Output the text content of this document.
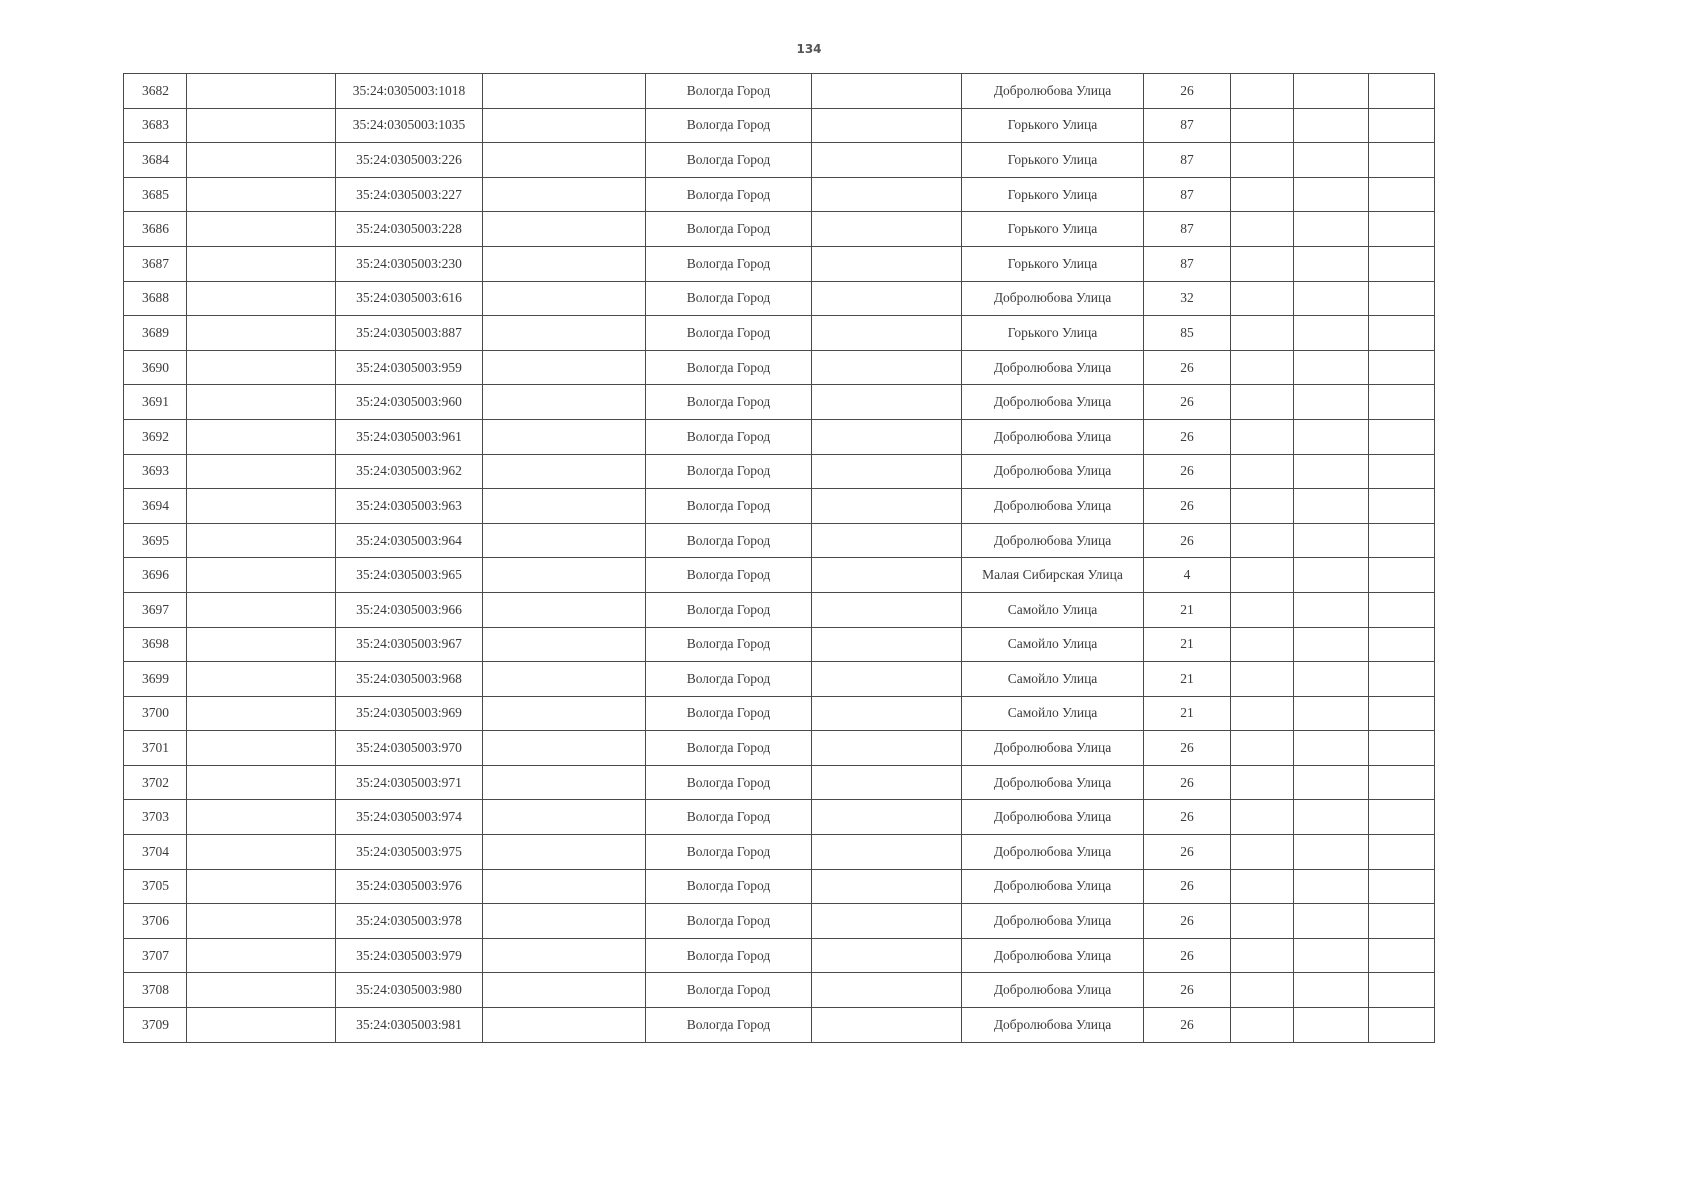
134
3682		35:24:0305003:1018		Вологда Город		Добролюбова Улица	26			
3683		35:24:0305003:1035		Вологда Город		Горького Улица	87			
3684		35:24:0305003:226		Вологда Город		Горького Улица	87			
3685		35:24:0305003:227		Вологда Город		Горького Улица	87			
3686		35:24:0305003:228		Вологда Город		Горького Улица	87			
3687		35:24:0305003:230		Вологда Город		Горького Улица	87			
3688		35:24:0305003:616		Вологда Город		Добролюбова Улица	32			
3689		35:24:0305003:887		Вологда Город		Горького Улица	85			
3690		35:24:0305003:959		Вологда Город		Добролюбова Улица	26			
3691		35:24:0305003:960		Вологда Город		Добролюбова Улица	26			
3692		35:24:0305003:961		Вологда Город		Добролюбова Улица	26			
3693		35:24:0305003:962		Вологда Город		Добролюбова Улица	26			
3694		35:24:0305003:963		Вологда Город		Добролюбова Улица	26			
3695		35:24:0305003:964		Вологда Город		Добролюбова Улица	26			
3696		35:24:0305003:965		Вологда Город		Малая Сибирская Улица	4			
3697		35:24:0305003:966		Вологда Город		Самойло Улица	21			
3698		35:24:0305003:967		Вологда Город		Самойло Улица	21			
3699		35:24:0305003:968		Вологда Город		Самойло Улица	21			
3700		35:24:0305003:969		Вологда Город		Самойло Улица	21			
3701		35:24:0305003:970		Вологда Город		Добролюбова Улица	26			
3702		35:24:0305003:971		Вологда Город		Добролюбова Улица	26			
3703		35:24:0305003:974		Вологда Город		Добролюбова Улица	26			
3704		35:24:0305003:975		Вологда Город		Добролюбова Улица	26			
3705		35:24:0305003:976		Вологда Город		Добролюбова Улица	26			
3706		35:24:0305003:978		Вологда Город		Добролюбова Улица	26			
3707		35:24:0305003:979		Вологда Город		Добролюбова Улица	26			
3708		35:24:0305003:980		Вологда Город		Добролюбова Улица	26			
3709		35:24:0305003:981		Вологда Город		Добролюбова Улица	26			
